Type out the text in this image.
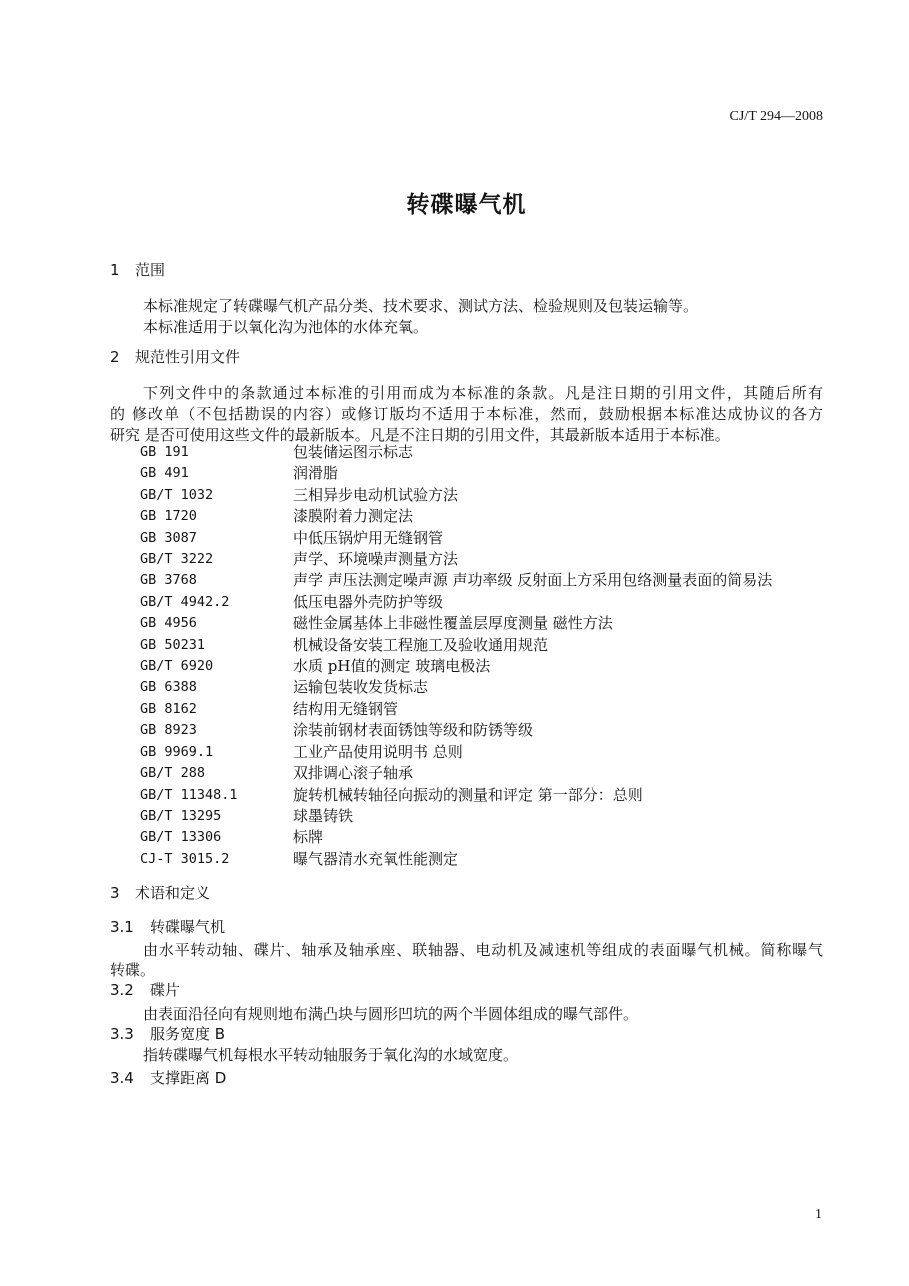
CJ/T 294—2008
转碟曝气机
1 范围
本标准规定了转碟曝气机产品分类、技术要求、测试方法、检验规则及包装运输等。
本标准适用于以氧化沟为池体的水体充氧。
2 规范性引用文件
下列文件中的条款通过本标准的引用而成为本标准的条款。凡是注日期的引用文件，其随后所有
的 修改单（不包括勘误的内容）或修订版均不适用于本标准，然而，鼓励根据本标准达成协议的各方
研究 是否可使用这些文件的最新版本。凡是不注日期的引用文件，其最新版本适用于本标准。
GB 191	包装储运图示标志
GB 491	润滑脂
GB/T 1032	三相异步电动机试验方法
GB 1720	漆膜附着力测定法
GB 3087	中低压锅炉用无缝钢管
GB/T 3222	声学、环境噪声测量方法
GB 3768	声学 声压法测定噪声源 声功率级 反射面上方采用包络测量表面的简易法
GB/T 4942.2	低压电器外壳防护等级
GB 4956	磁性金属基体上非磁性覆盖层厚度测量 磁性方法
GB 50231	机械设备安装工程施工及验收通用规范
GB/T 6920	水质 pH值的测定 玻璃电极法
GB 6388	运输包装收发货标志
GB 8162	结构用无缝钢管
GB 8923	涂装前钢材表面锈蚀等级和防锈等级
GB 9969.1	工业产品使用说明书 总则
GB/T 288	双排调心滚子轴承
GB/T 11348.1	旋转机械转轴径向振动的测量和评定 第一部分：总则
GB/T 13295	球墨铸铁
GB/T 13306	标牌
CJ-T 3015.2	曝气器清水充氧性能测定
3 术语和定义
3.1 转碟曝气机
由水平转动轴、碟片、轴承及轴承座、联轴器、电动机及减速机等组成的表面曝气机械。简称曝气
转碟。
3.2 碟片
由表面沿径向有规则地布满凸块与圆形凹坑的两个半圆体组成的曝气部件。
3.3 服务宽度 B
指转碟曝气机每根水平转动轴服务于氧化沟的水域宽度。
3.4 支撑距离 D
1
